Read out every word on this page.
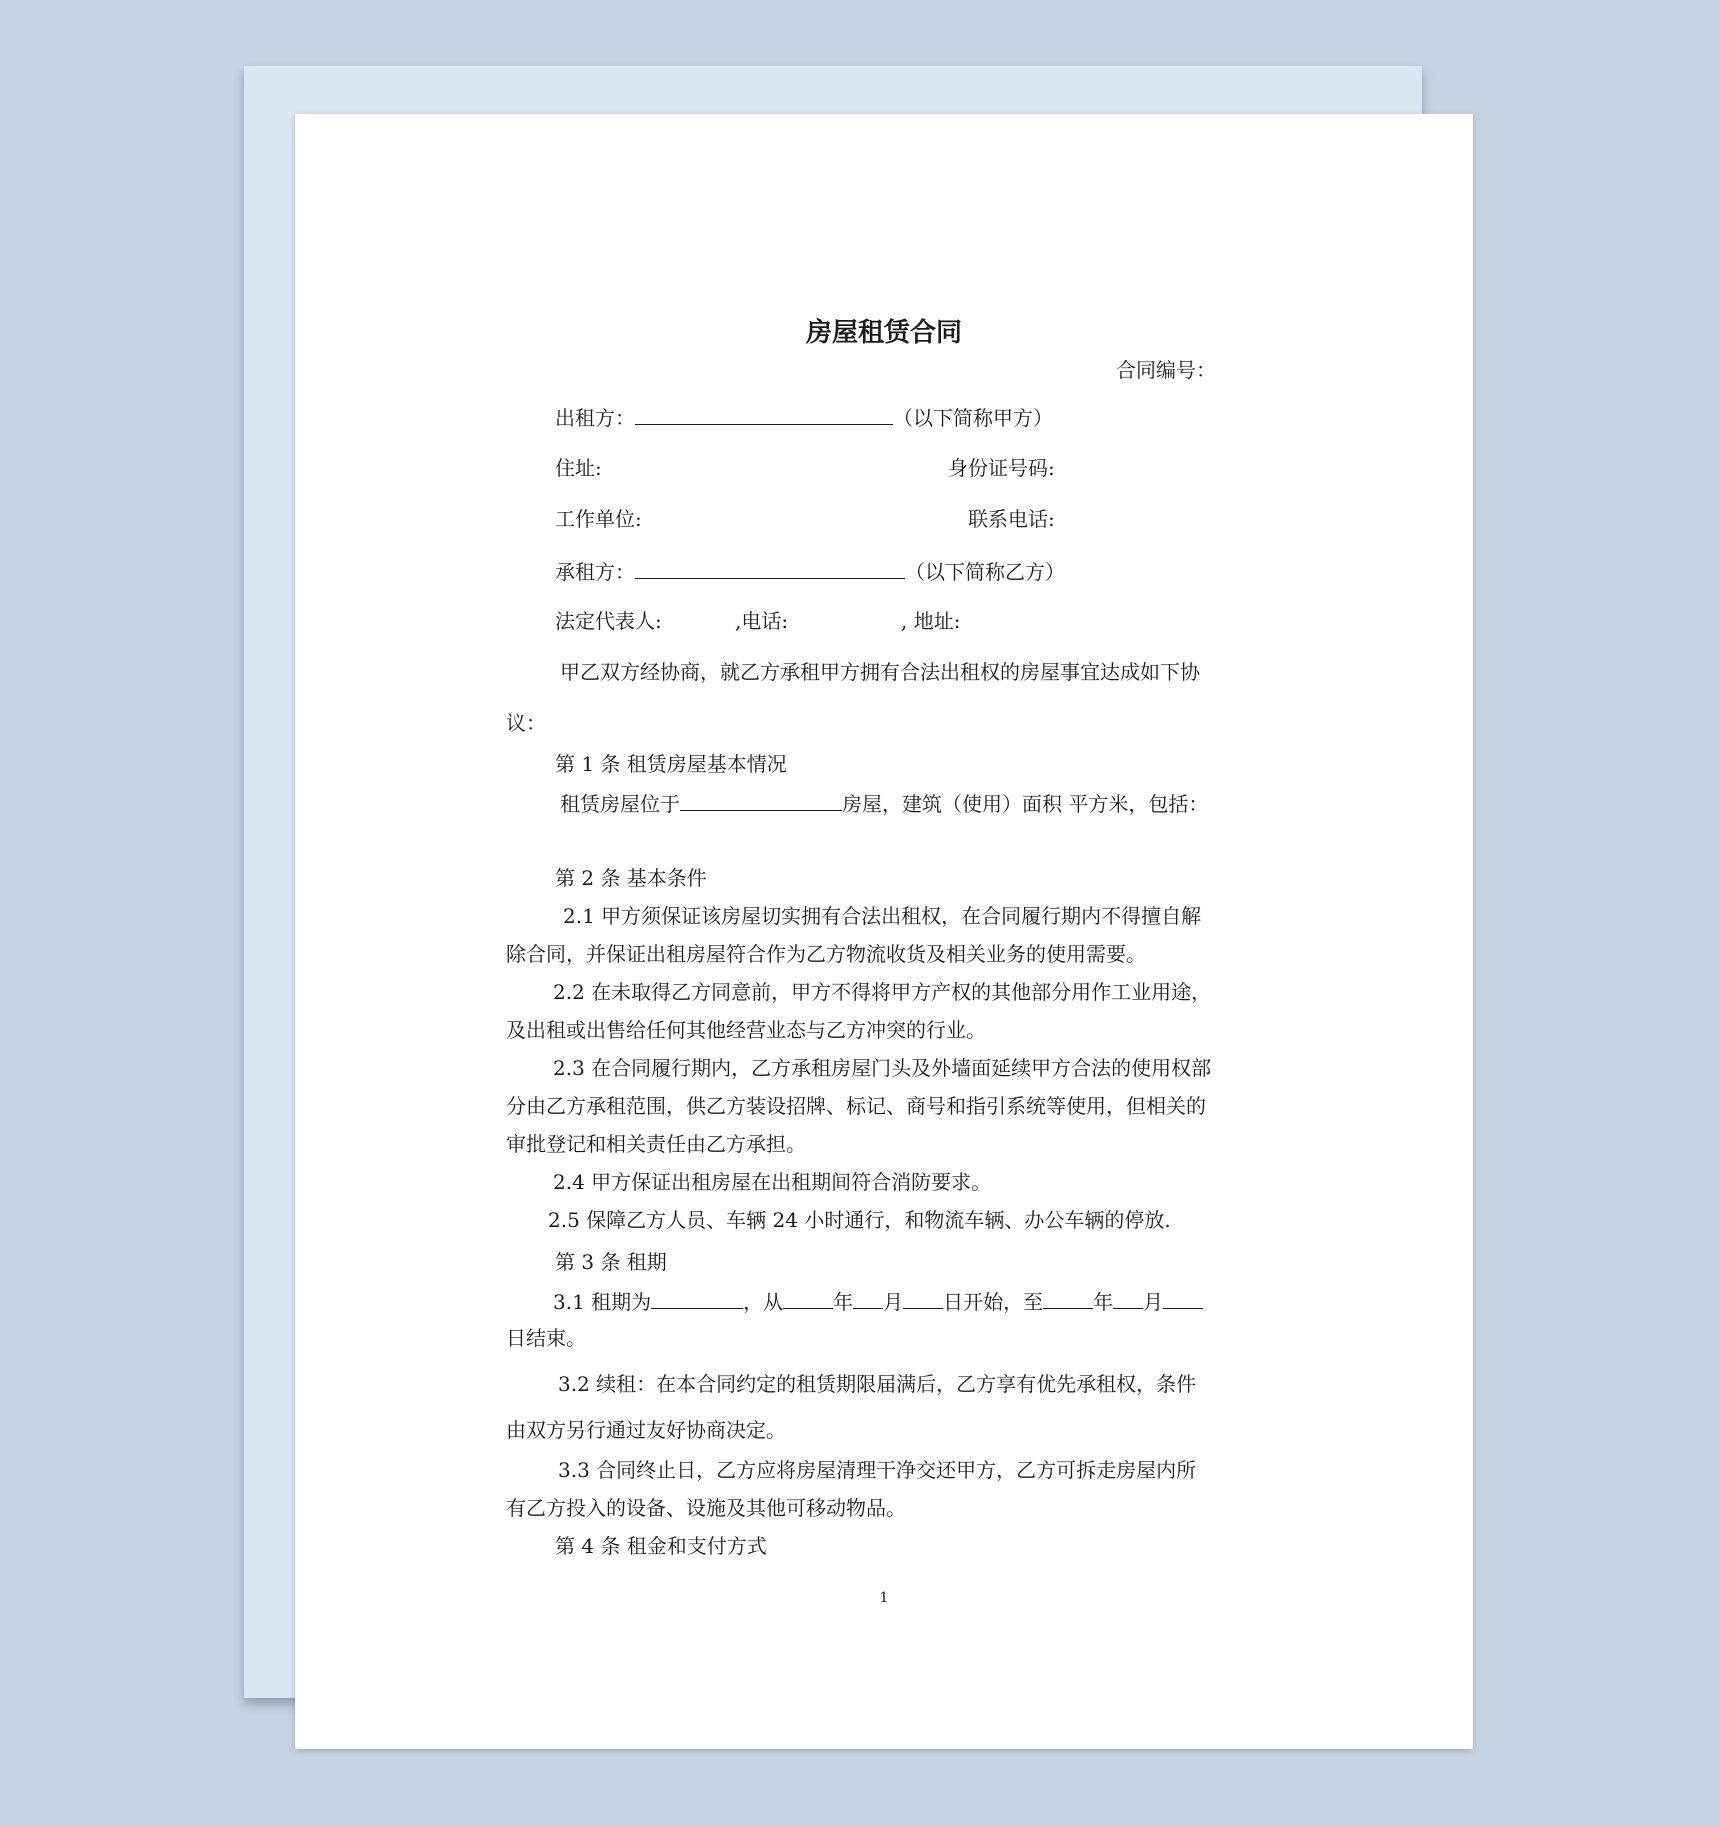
房屋租赁合同
合同编号：
出租方：	（以下简称甲方）
住址:	身份证号码:
工作单位:	联系电话:
承租方：	（以下简称乙方）
法定代表人:	,电话:	, 地址:
甲乙双方经协商，就乙方承租甲方拥有合法出租权的房屋事宜达成如下协
议：
第 1 条 租赁房屋基本情况
租赁房屋位于	房屋，建筑（使用）面积 平方米，包括：
第 2 条 基本条件
2.1 甲方须保证该房屋切实拥有合法出租权，在合同履行期内不得擅自解
除合同，并保证出租房屋符合作为乙方物流收货及相关业务的使用需要。
2.2 在未取得乙方同意前，甲方不得将甲方产权的其他部分用作工业用途，
及出租或出售给任何其他经营业态与乙方冲突的行业。
2.3 在合同履行期内，乙方承租房屋门头及外墙面延续甲方合法的使用权部
分由乙方承租范围，供乙方装设招牌、标记、商号和指引系统等使用，但相关的
审批登记和相关责任由乙方承担。
2.4 甲方保证出租房屋在出租期间符合消防要求。
2.5 保障乙方人员、车辆 24 小时通行，和物流车辆、办公车辆的停放.
第 3 条 租期
3.1 租期为	，从	年 月 日开始，至	年 月
日结束。
3.2 续租：在本合同约定的租赁期限届满后，乙方享有优先承租权，条件
由双方另行通过友好协商决定。
3.3 合同终止日，乙方应将房屋清理干净交还甲方，乙方可拆走房屋内所
有乙方投入的设备、设施及其他可移动物品。
第 4 条 租金和支付方式
1
